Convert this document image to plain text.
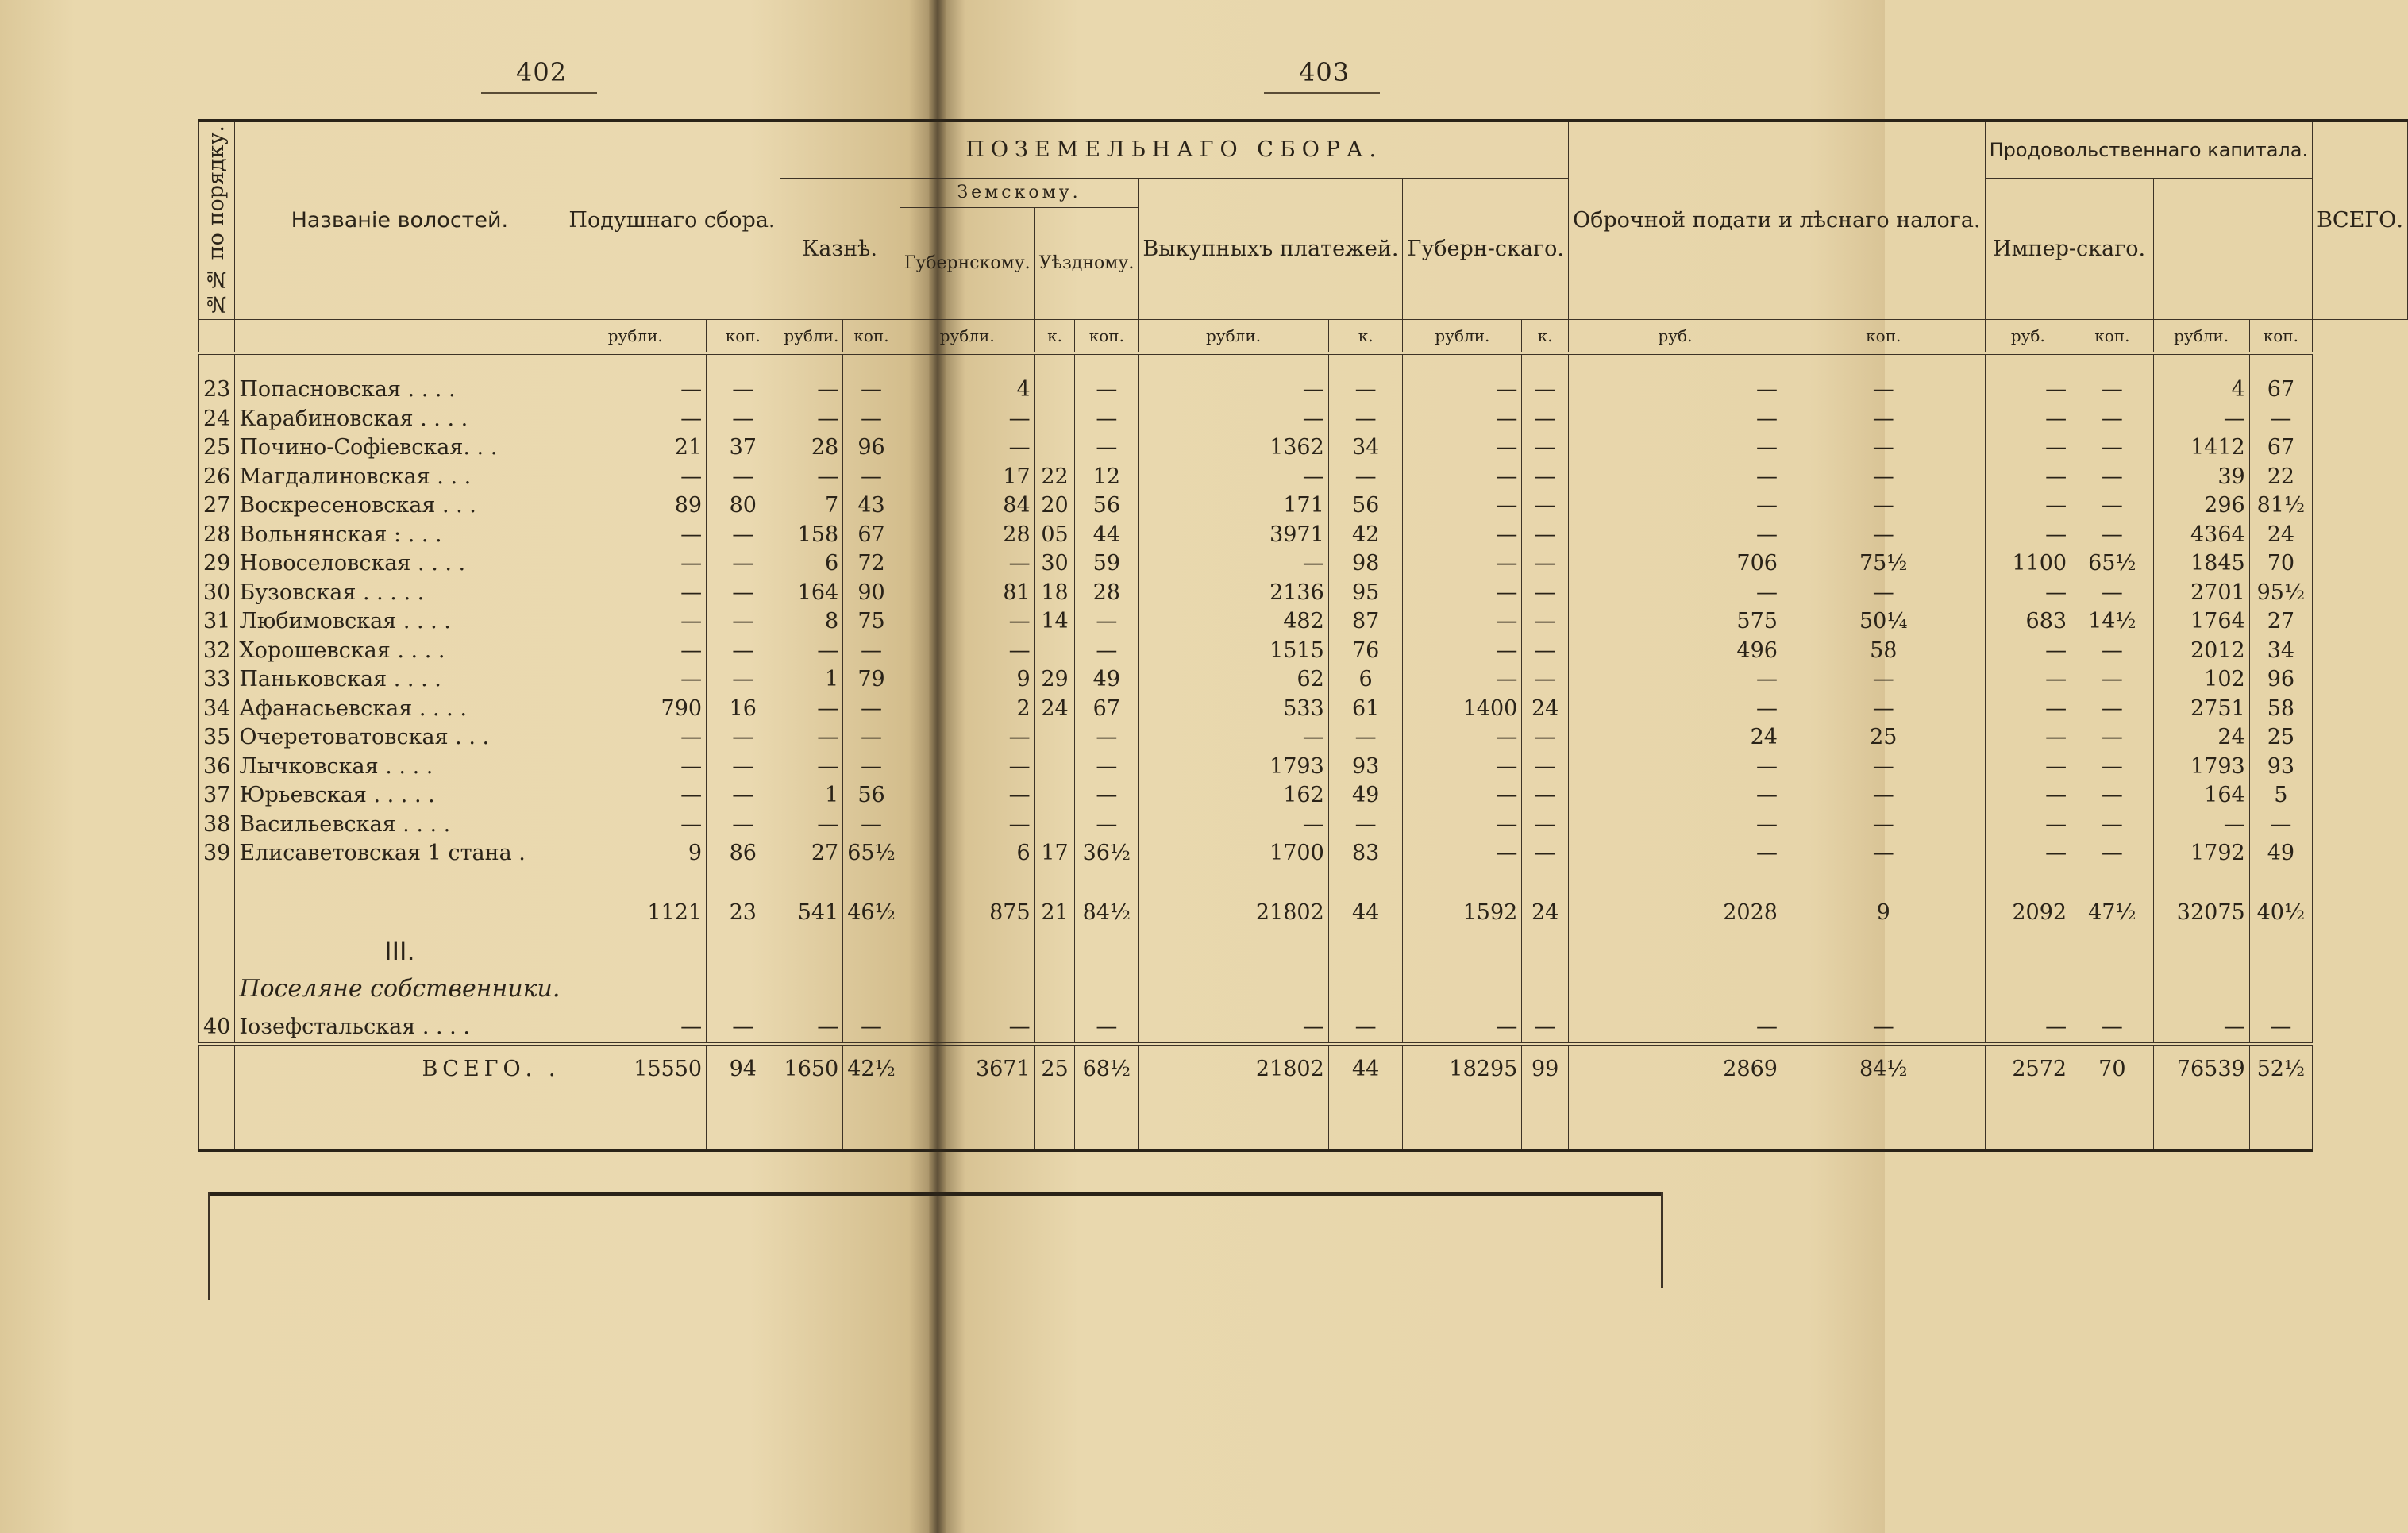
402	403
№№ по порядку.	Названіе волостей.	Подушнаго сбора.		ПОЗЕМЕЛЬНАГО СБОРА.									Оброчной подати и лѣснаго налога.		Продовольственнаго капитала.				ВСЕГО.
				Казнѣ.		Земскому.			Выкупныхъ платежей.		Губерн-скаго.				Импер-скаго.				
						Губернскому.	Уѣздному.												
		рубли.	коп.	рубли.	коп.	рубли.	к.	коп.	рубли.	к.	рубли.	к.	руб.	коп.	руб.	коп.	рубли.	коп.	

23	Попасновская . . . .	—	—	—	—	4		—	—	—	—	—	—	—	—	—	4	67	
24	Карабиновская . . . .	—	—	—	—	—		—	—	—	—	—	—	—	—	—	—	—	
25	Почино-Софіевская. . .	21	37	28	96	—		—	1362	34	—	—	—	—	—	—	1412	67	
26	Магдалиновская . . .	—	—	—	—	17	22	12	—	—	—	—	—	—	—	—	39	22	
27	Воскресеновская . . .	89	80	7	43	84	20	56	171	56	—	—	—	—	—	—	296	81½	
28	Вольнянская : . . .	—	—	158	67	28	05	44	3971	42	—	—	—	—	—	—	4364	24	
29	Новоселовская . . . .	—	—	6	72	—	30	59	—	98	—	—	706	75½	1100	65½	1845	70	
30	Бузовская . . . . .	—	—	164	90	81	18	28	2136	95	—	—	—	—	—	—	2701	95½	
31	Любимовская . . . .	—	—	8	75	—	14	—	482	87	—	—	575	50¼	683	14½	1764	27	
32	Хорошевская . . . .	—	—	—	—	—		—	1515	76	—	—	496	58	—	—	2012	34	
33	Паньковская . . . .	—	—	1	79	9	29	49	62	6	—	—	—	—	—	—	102	96	
34	Афанасьевская . . . .	790	16	—	—	2	24	67	533	61	1400	24	—	—	—	—	2751	58	
35	Очеретоватовская . . .	—	—	—	—	—		—	—	—	—	—	24	25	—	—	24	25	
36	Лычковская . . . .	—	—	—	—	—		—	1793	93	—	—	—	—	—	—	1793	93	
37	Юрьевская . . . . .	—	—	1	56	—		—	162	49	—	—	—	—	—	—	164	5	
38	Васильевская . . . .	—	—	—	—	—		—	—	—	—	—	—	—	—	—	—	—	
39	Елисаветовская 1 стана .	9	86	27	65½	6	17	36½	1700	83	—	—	—	—	—	—	1792	49	

		1121	23	541	46½	875	21	84½	21802	44	1592	24	2028	9	2092	47½	32075	40½	
	III.																		
	Поселяне собственники.																		
40	Іозефстальская . . . .	—	—	—	—	—		—	—	—	—	—	—	—	—	—	—	—	
	ВСЕГО. .	15550	94	1650	42½	3671	25	68½	21802	44	18295	99	2869	84½	2572	70	76539	52½	
